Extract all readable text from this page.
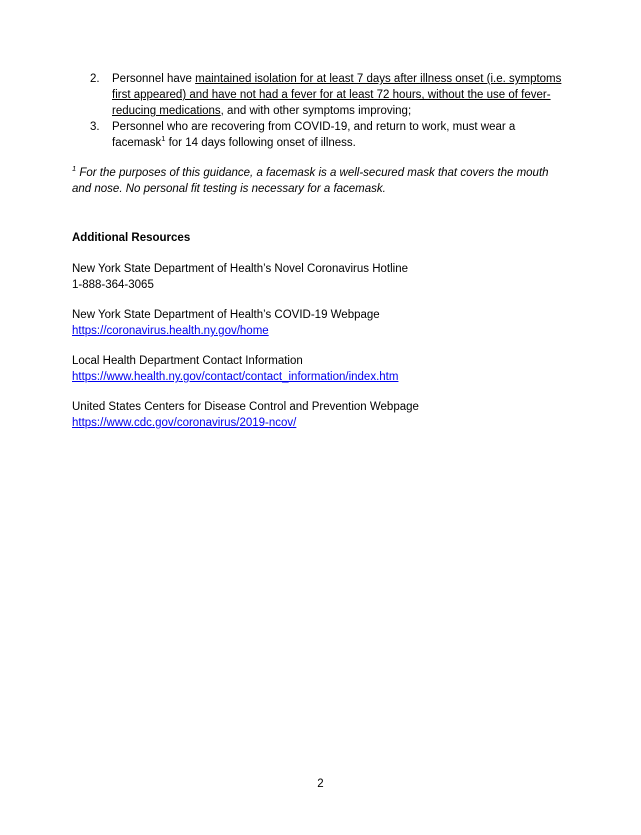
2.	Personnel have maintained isolation for at least 7 days after illness onset (i.e. symptoms first appeared) and have not had a fever for at least 72 hours, without the use of fever-reducing medications, and with other symptoms improving;
3.	Personnel who are recovering from COVID-19, and return to work, must wear a facemask$^1$ for 14 days following onset of illness.

$^1$ For the purposes of this guidance, a facemask is a well-secured mask that covers the mouth and nose. No personal fit testing is necessary for a facemask.

Additional Resources
New York State Department of Health’s Novel Coronavirus Hotline
1-888-364-3065
New York State Department of Health’s COVID-19 Webpage
https://coronavirus.health.ny.gov/home
Local Health Department Contact Information
https://www.health.ny.gov/contact/contact_information/index.htm
United States Centers for Disease Control and Prevention Webpage
https://www.cdc.gov/coronavirus/2019-ncov/
2
